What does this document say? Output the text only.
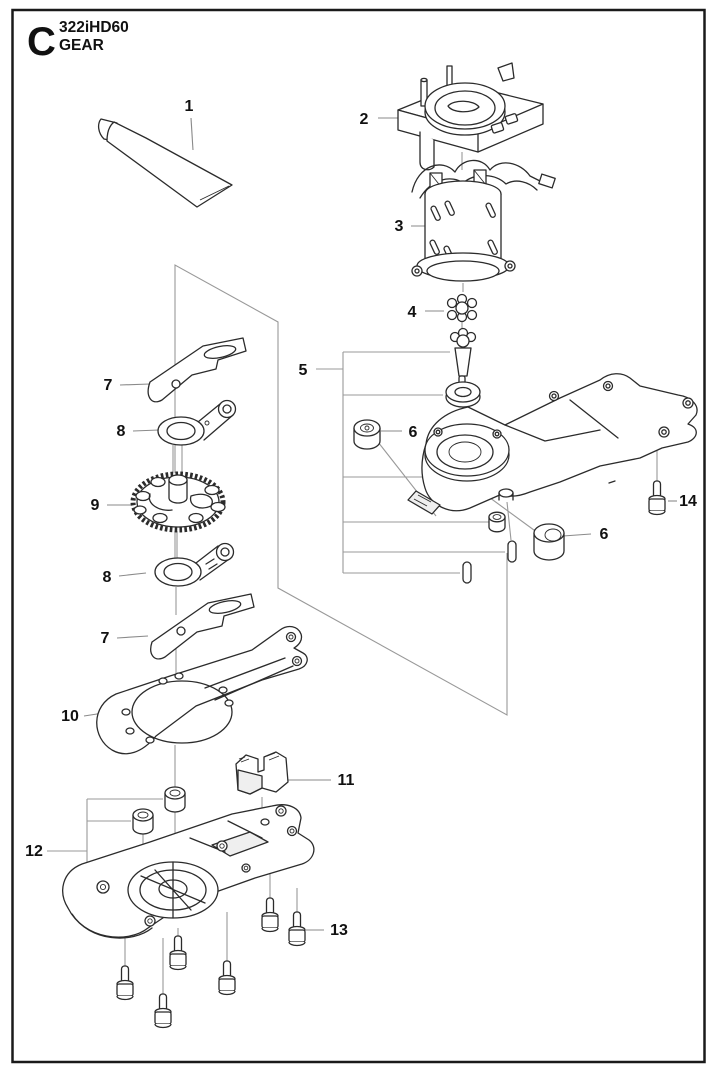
C 322iHD60
GEAR
1
2
3
4
5
6
6
7
8
9
8
7
10
11
12
13
14
